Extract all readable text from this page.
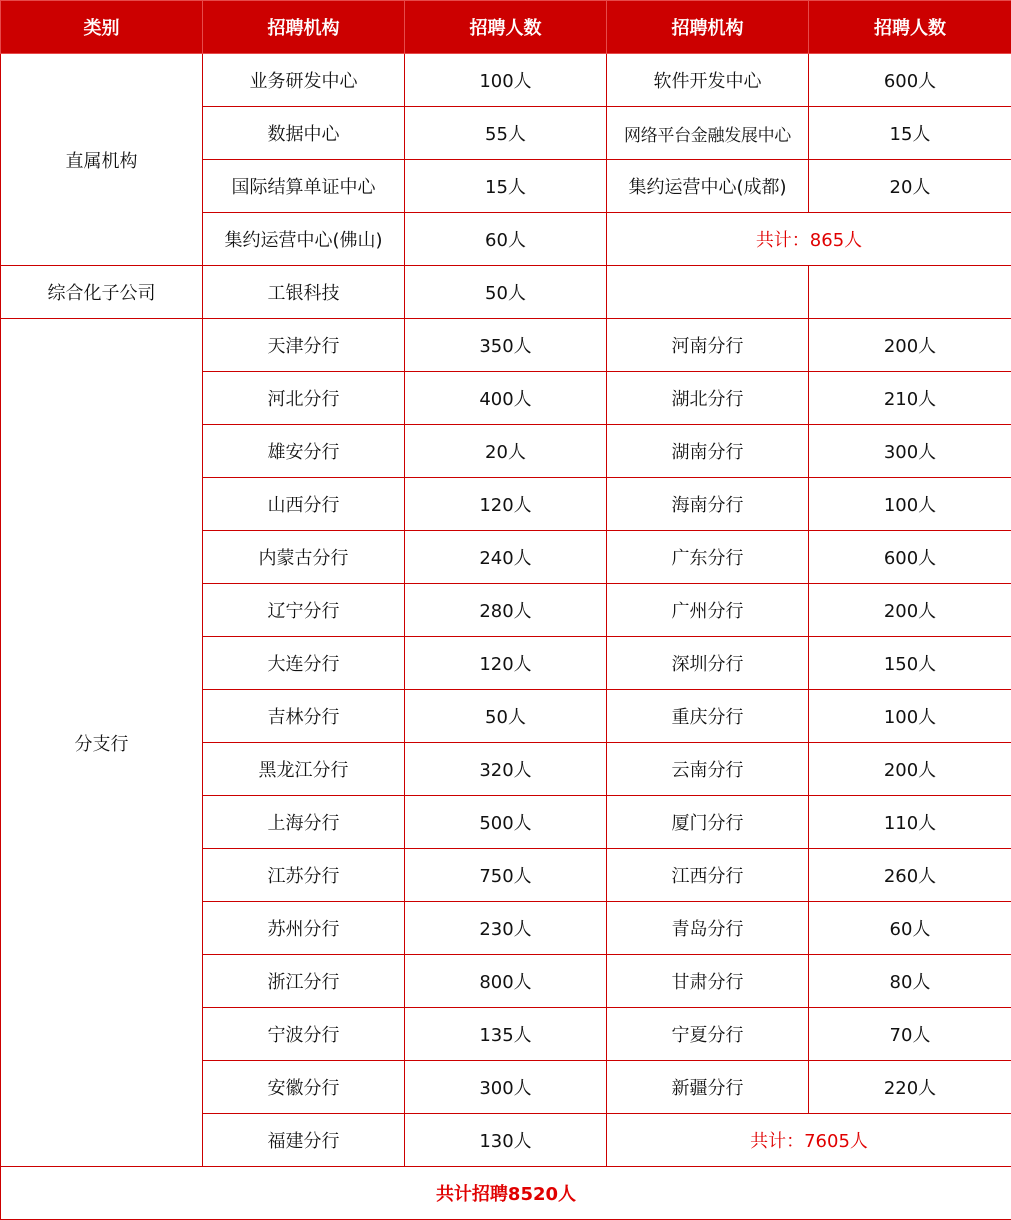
类别	招聘机构	招聘人数	招聘机构	招聘人数
直属机构	业务研发中心	100人	软件开发中心	600人
	数据中心	55人	网络平台金融发展中心	15人
	国际结算单证中心	15人	集约运营中心(成都)	20人
	集约运营中心(佛山)	60人	共计：865人	
综合化子公司	工银科技	50人		
分支行	天津分行	350人	河南分行	200人
	河北分行	400人	湖北分行	210人
	雄安分行	20人	湖南分行	300人
	山西分行	120人	海南分行	100人
	内蒙古分行	240人	广东分行	600人
	辽宁分行	280人	广州分行	200人
	大连分行	120人	深圳分行	150人
	吉林分行	50人	重庆分行	100人
	黑龙江分行	320人	云南分行	200人
	上海分行	500人	厦门分行	110人
	江苏分行	750人	江西分行	260人
	苏州分行	230人	青岛分行	60人
	浙江分行	800人	甘肃分行	80人
	宁波分行	135人	宁夏分行	70人
	安徽分行	300人	新疆分行	220人
	福建分行	130人	共计：7605人	
共计招聘8520人				
